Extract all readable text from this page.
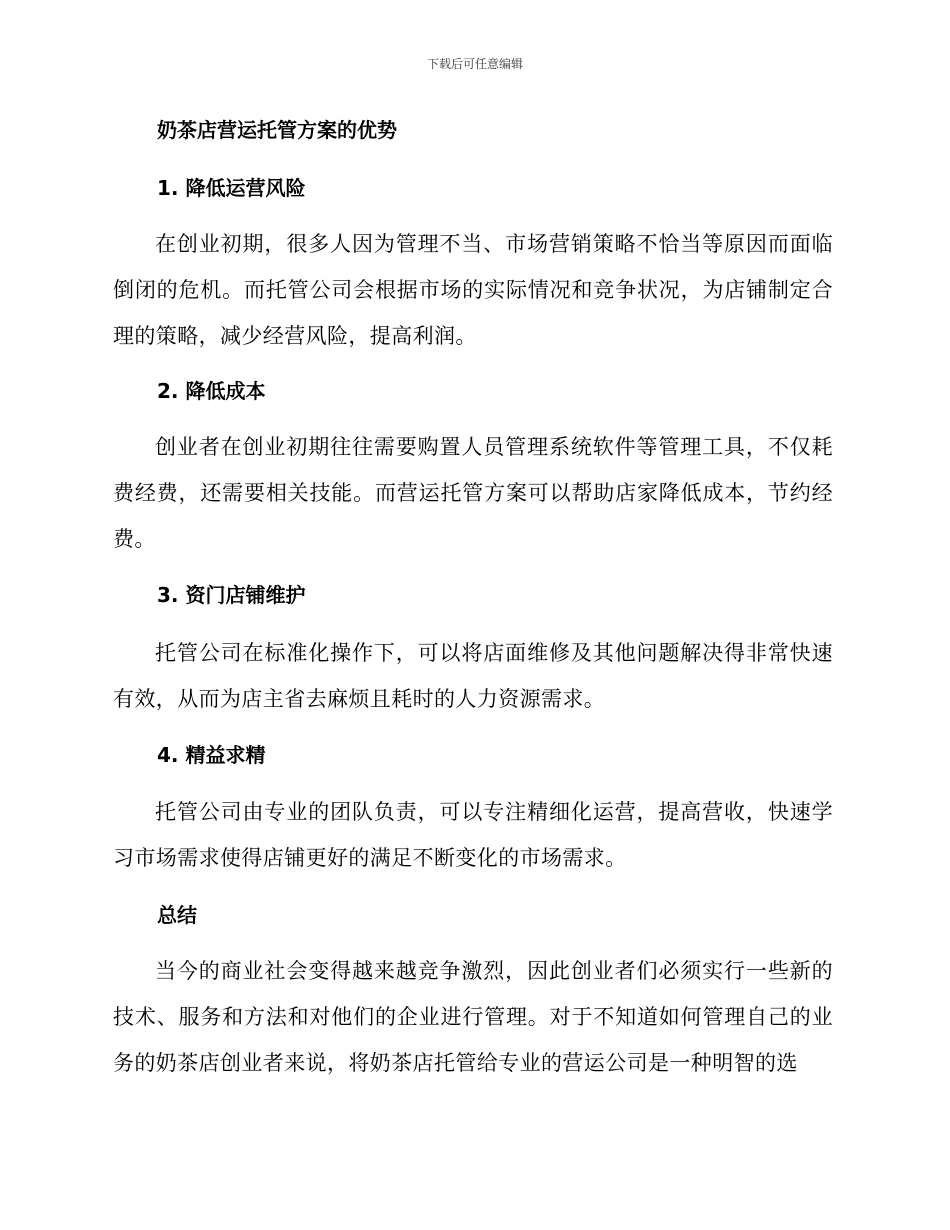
下载后可任意编辑
奶茶店营运托管方案的优势
1. 降低运营风险
在创业初期，很多人因为管理不当、市场营销策略不恰当等原因而面临倒闭的危机。而托管公司会根据市场的实际情况和竞争状况，为店铺制定合理的策略，减少经营风险，提高利润。
2. 降低成本
创业者在创业初期往往需要购置人员管理系统软件等管理工具，不仅耗费经费，还需要相关技能。而营运托管方案可以帮助店家降低成本，节约经费。
3. 资门店铺维护
托管公司在标准化操作下，可以将店面维修及其他问题解决得非常快速有效，从而为店主省去麻烦且耗时的人力资源需求。
4. 精益求精
托管公司由专业的团队负责，可以专注精细化运营，提高营收，快速学习市场需求使得店铺更好的满足不断变化的市场需求。
总结
当今的商业社会变得越来越竞争激烈，因此创业者们必须实行一些新的技术、服务和方法和对他们的企业进行管理。对于不知道如何管理自己的业务的奶茶店创业者来说，将奶茶店托管给专业的营运公司是一种明智的选
